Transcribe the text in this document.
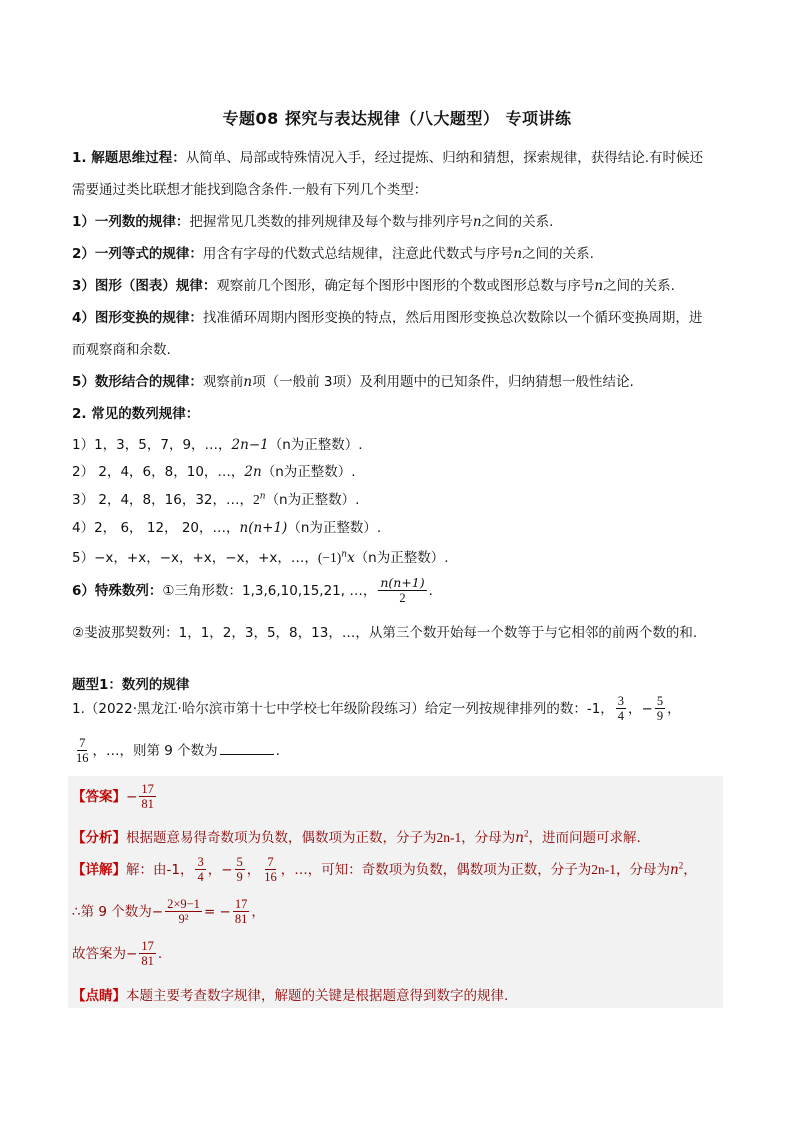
专题08 探究与表达规律（八大题型） 专项讲练
1. 解题思维过程：从简单、局部或特殊情况入手，经过提炼、归纳和猜想，探索规律，获得结论.有时候还
需要通过类比联想才能找到隐含条件.一般有下列几个类型：
1）一列数的规律：把握常见几类数的排列规律及每个数与排列序号n之间的关系.
2）一列等式的规律：用含有字母的代数式总结规律，注意此代数式与序号n之间的关系.
3）图形（图表）规律：观察前几个图形，确定每个图形中图形的个数或图形总数与序号n之间的关系.
4）图形变换的规律：找准循环周期内图形变换的特点，然后用图形变换总次数除以一个循环变换周期，进
而观察商和余数.
5）数形结合的规律：观察前n项（一般前 3项）及利用题中的已知条件，归纳猜想一般性结论.
2. 常见的数列规律：
1）1，3，5，7，9，…，2n−1（n为正整数）.
2） 2，4，6，8，10，…，2n（n为正整数）.
3） 2，4，8，16，32，…，2$^n$（n为正整数）.
4）2， 6， 12， 20，…，n(n+1)（n为正整数）.
5）−x，+x，−x，+x，−x，+x，…，$(-1)^nx(n$为正整数）.
6）特殊数列：①三角形数：1,3,6,10,15,21, …， $\frac{n(n+1)}{2}$ .
②斐波那契数列：1，1，2，3，5，8，13，…，从第三个数开始每一个数等于与它相邻的前两个数的和.
题型1：数列的规律
1.（2022·黑龙江·哈尔滨市第十七中学校七年级阶段练习）给定一列按规律排列的数：-1， $\frac{3}{4}$ ，− $\frac{5}{9}$ ，
$\frac{7}{16}$ ，…，则第 9 个数为	.
【答案】− $\frac{17}{81}$
【分析】根据题意易得奇数项为负数，偶数项为正数，分子为2n-1，分母为$n^2$，进而问题可求解.
【详解】解：由-1， $\frac{3}{4}$ ，− $\frac{5}{9}$ ， $\frac{7}{16}$ ，…，可知：奇数项为负数，偶数项为正数，分子为2n-1，分母为$n^2$，
∴第 9 个数为− $\frac{2\times 9-1}{\text{9²}}$ = − $\frac{17}{81}$ ，
故答案为− $\frac{17}{81}$ .
【点睛】本题主要考查数字规律，解题的关键是根据题意得到数字的规律.
